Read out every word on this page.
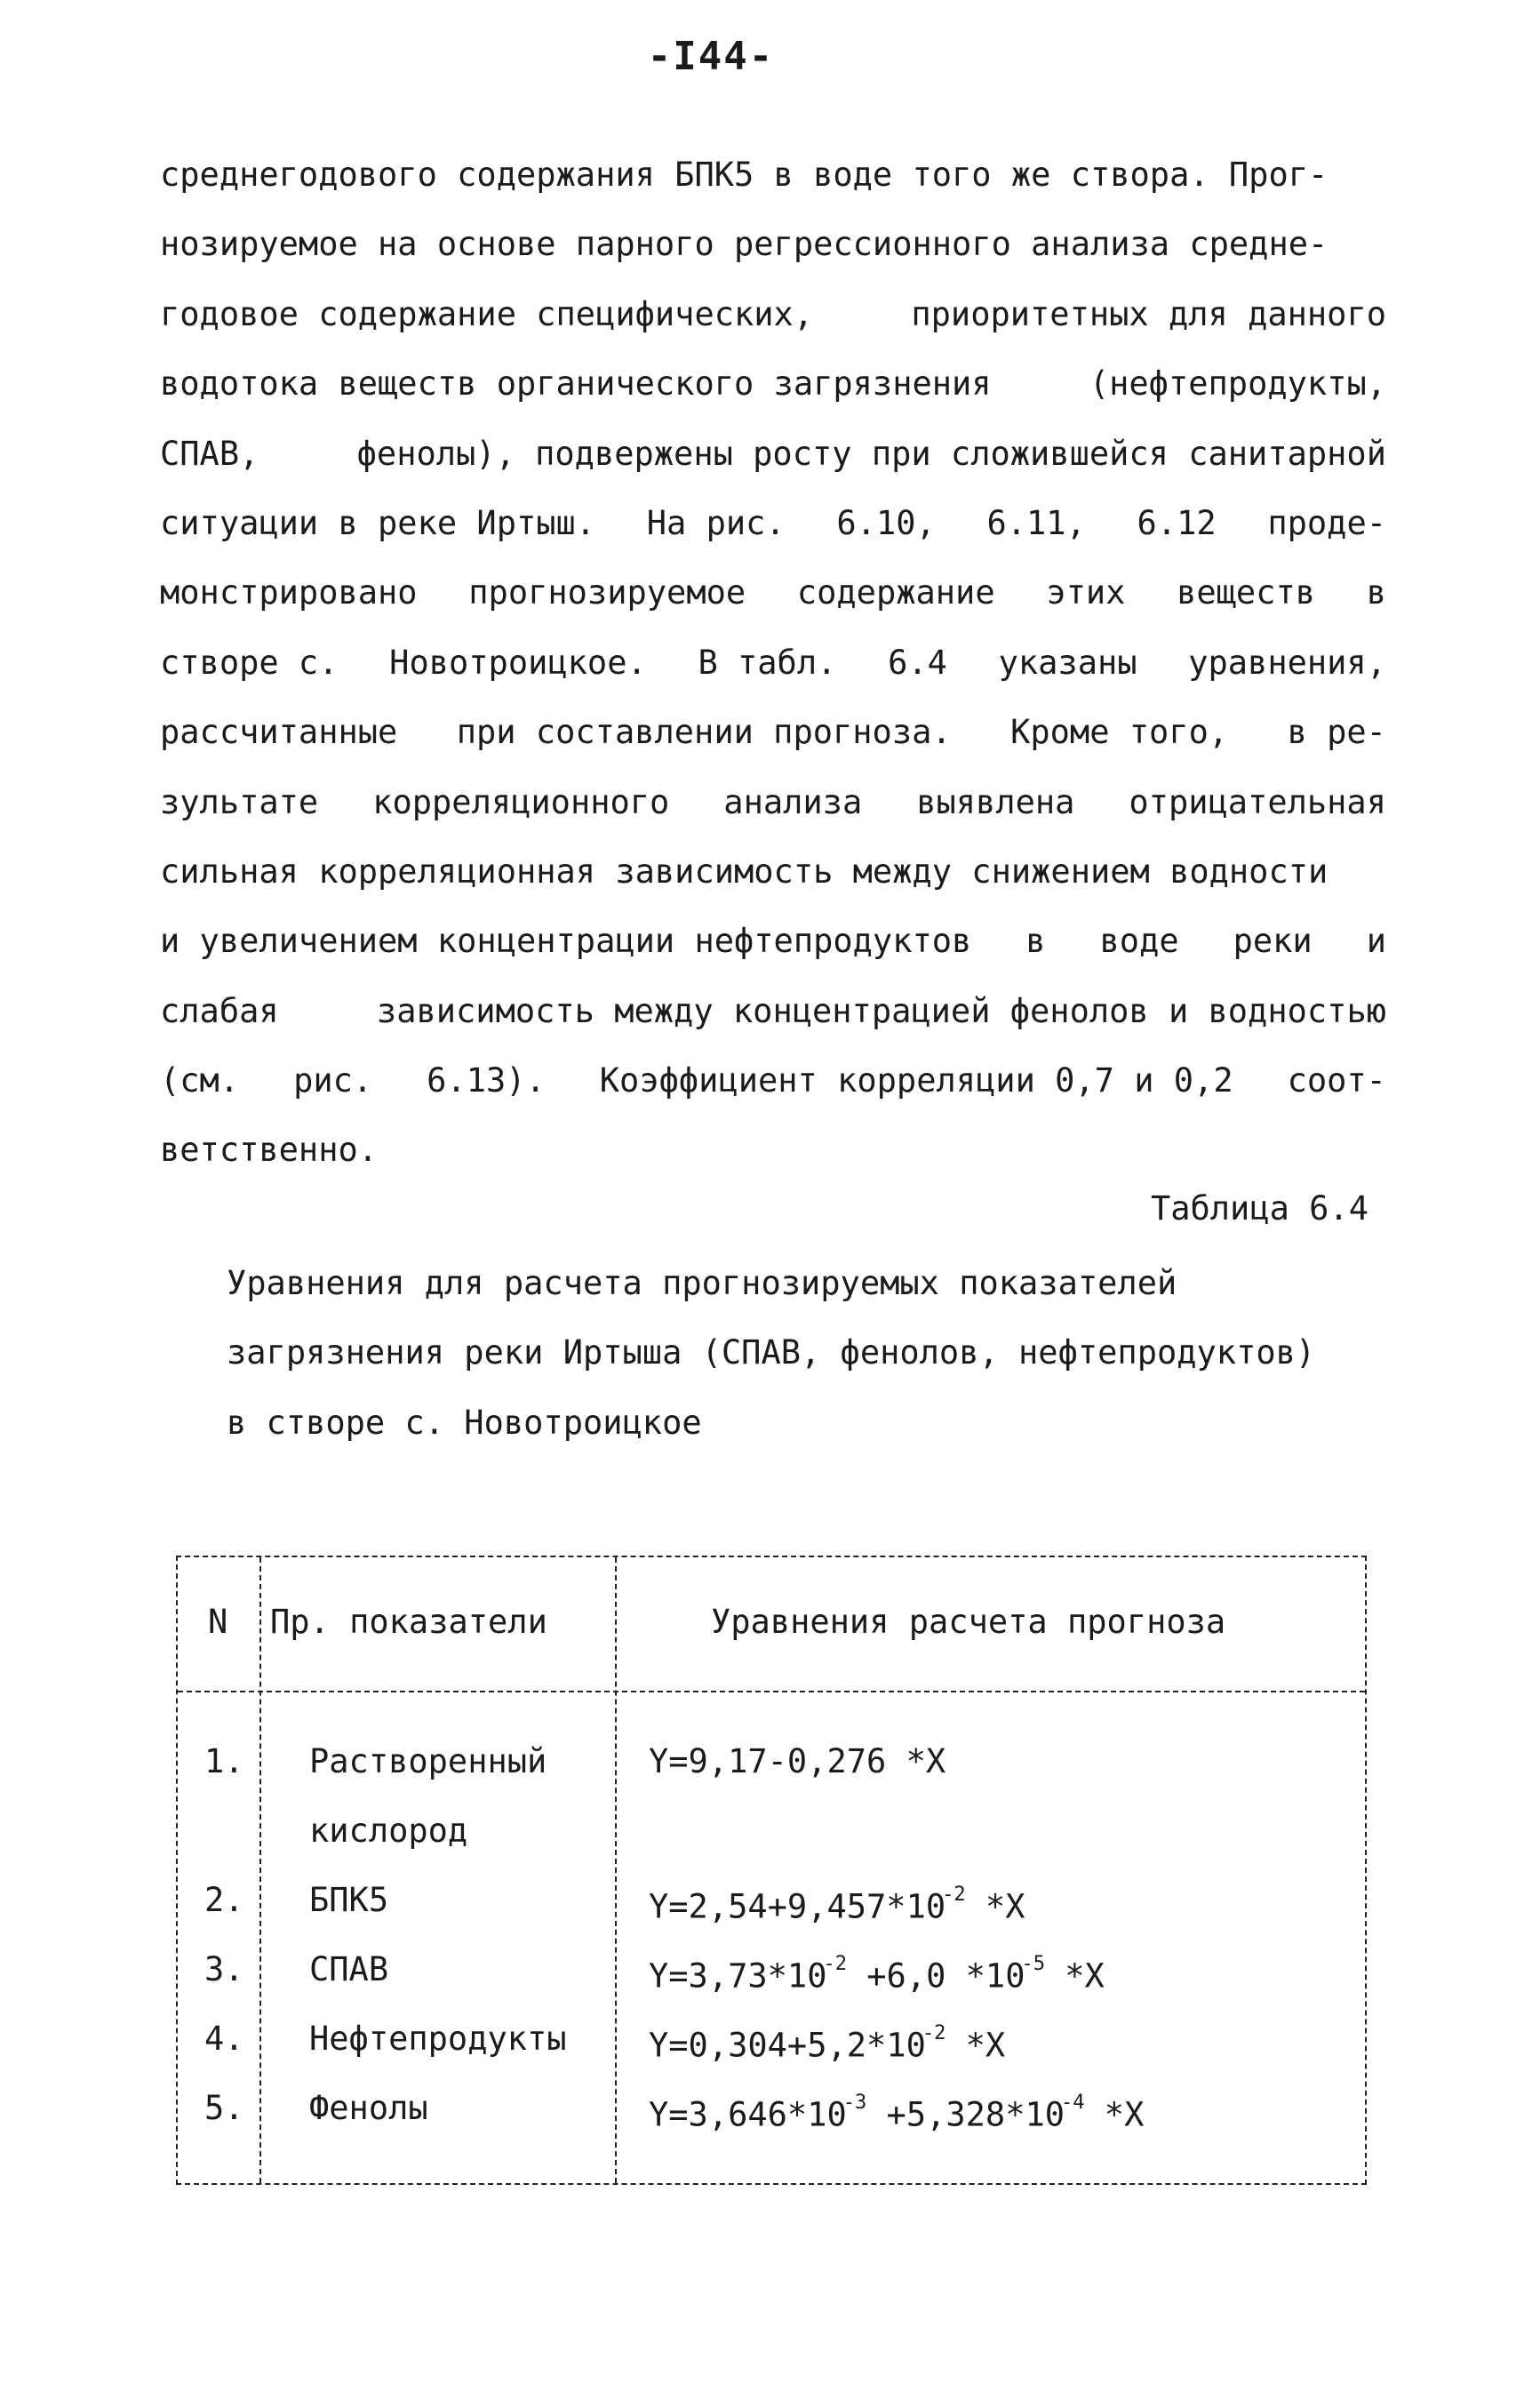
-I44-
среднегодового содержания БПК5 в воде того же створа. Прог-
нозируемое на основе парного регрессионного анализа средне-
годовое содержание специфических,	приоритетных для данного
водотока веществ органического загрязнения	(нефтепродукты,
СПАВ,	фенолы), подвержены росту при сложившейся санитарной
ситуации в реке Иртыш. На рис. 6.10, 6.11, 6.12 проде-
монстрировано прогнозируемое содержание этих веществ в
створе с. Новотроицкое. В табл. 6.4 указаны уравнения,
рассчитанные при составлении прогноза. Кроме того, в ре-
зультате корреляционного анализа выявлена отрицательная
сильная корреляционная зависимость между снижением водности
и увеличением концентрации нефтепродуктов в воде реки и
слабая	зависимость между концентрацией фенолов и водностью
(см. рис. 6.13). Коэффициент корреляции 0,7 и 0,2 соот-
ветственно.
Таблица 6.4
Уравнения для расчета прогнозируемых показателей
загрязнения реки Иртыша (СПАВ, фенолов, нефтепродуктов)
в створе с. Новотроицкое
N Пр. показатели	Уравнения расчета прогноза
1. Растворенный	Y=9,17-0,276 *X
кислород
2. БПК5	$Y=2,54+9,457*10^{-2}$ *X
3. СПАВ	$Y=3,73*10^{-2} +6,0$ $*10^{-5}$ *X
4. Нефтепродукты $Y=0,304+5,2*10^{-2}$ *X
5. Фенолы	$Y=3,646*10^{-3} +5,328*10^{-4}$ *X
